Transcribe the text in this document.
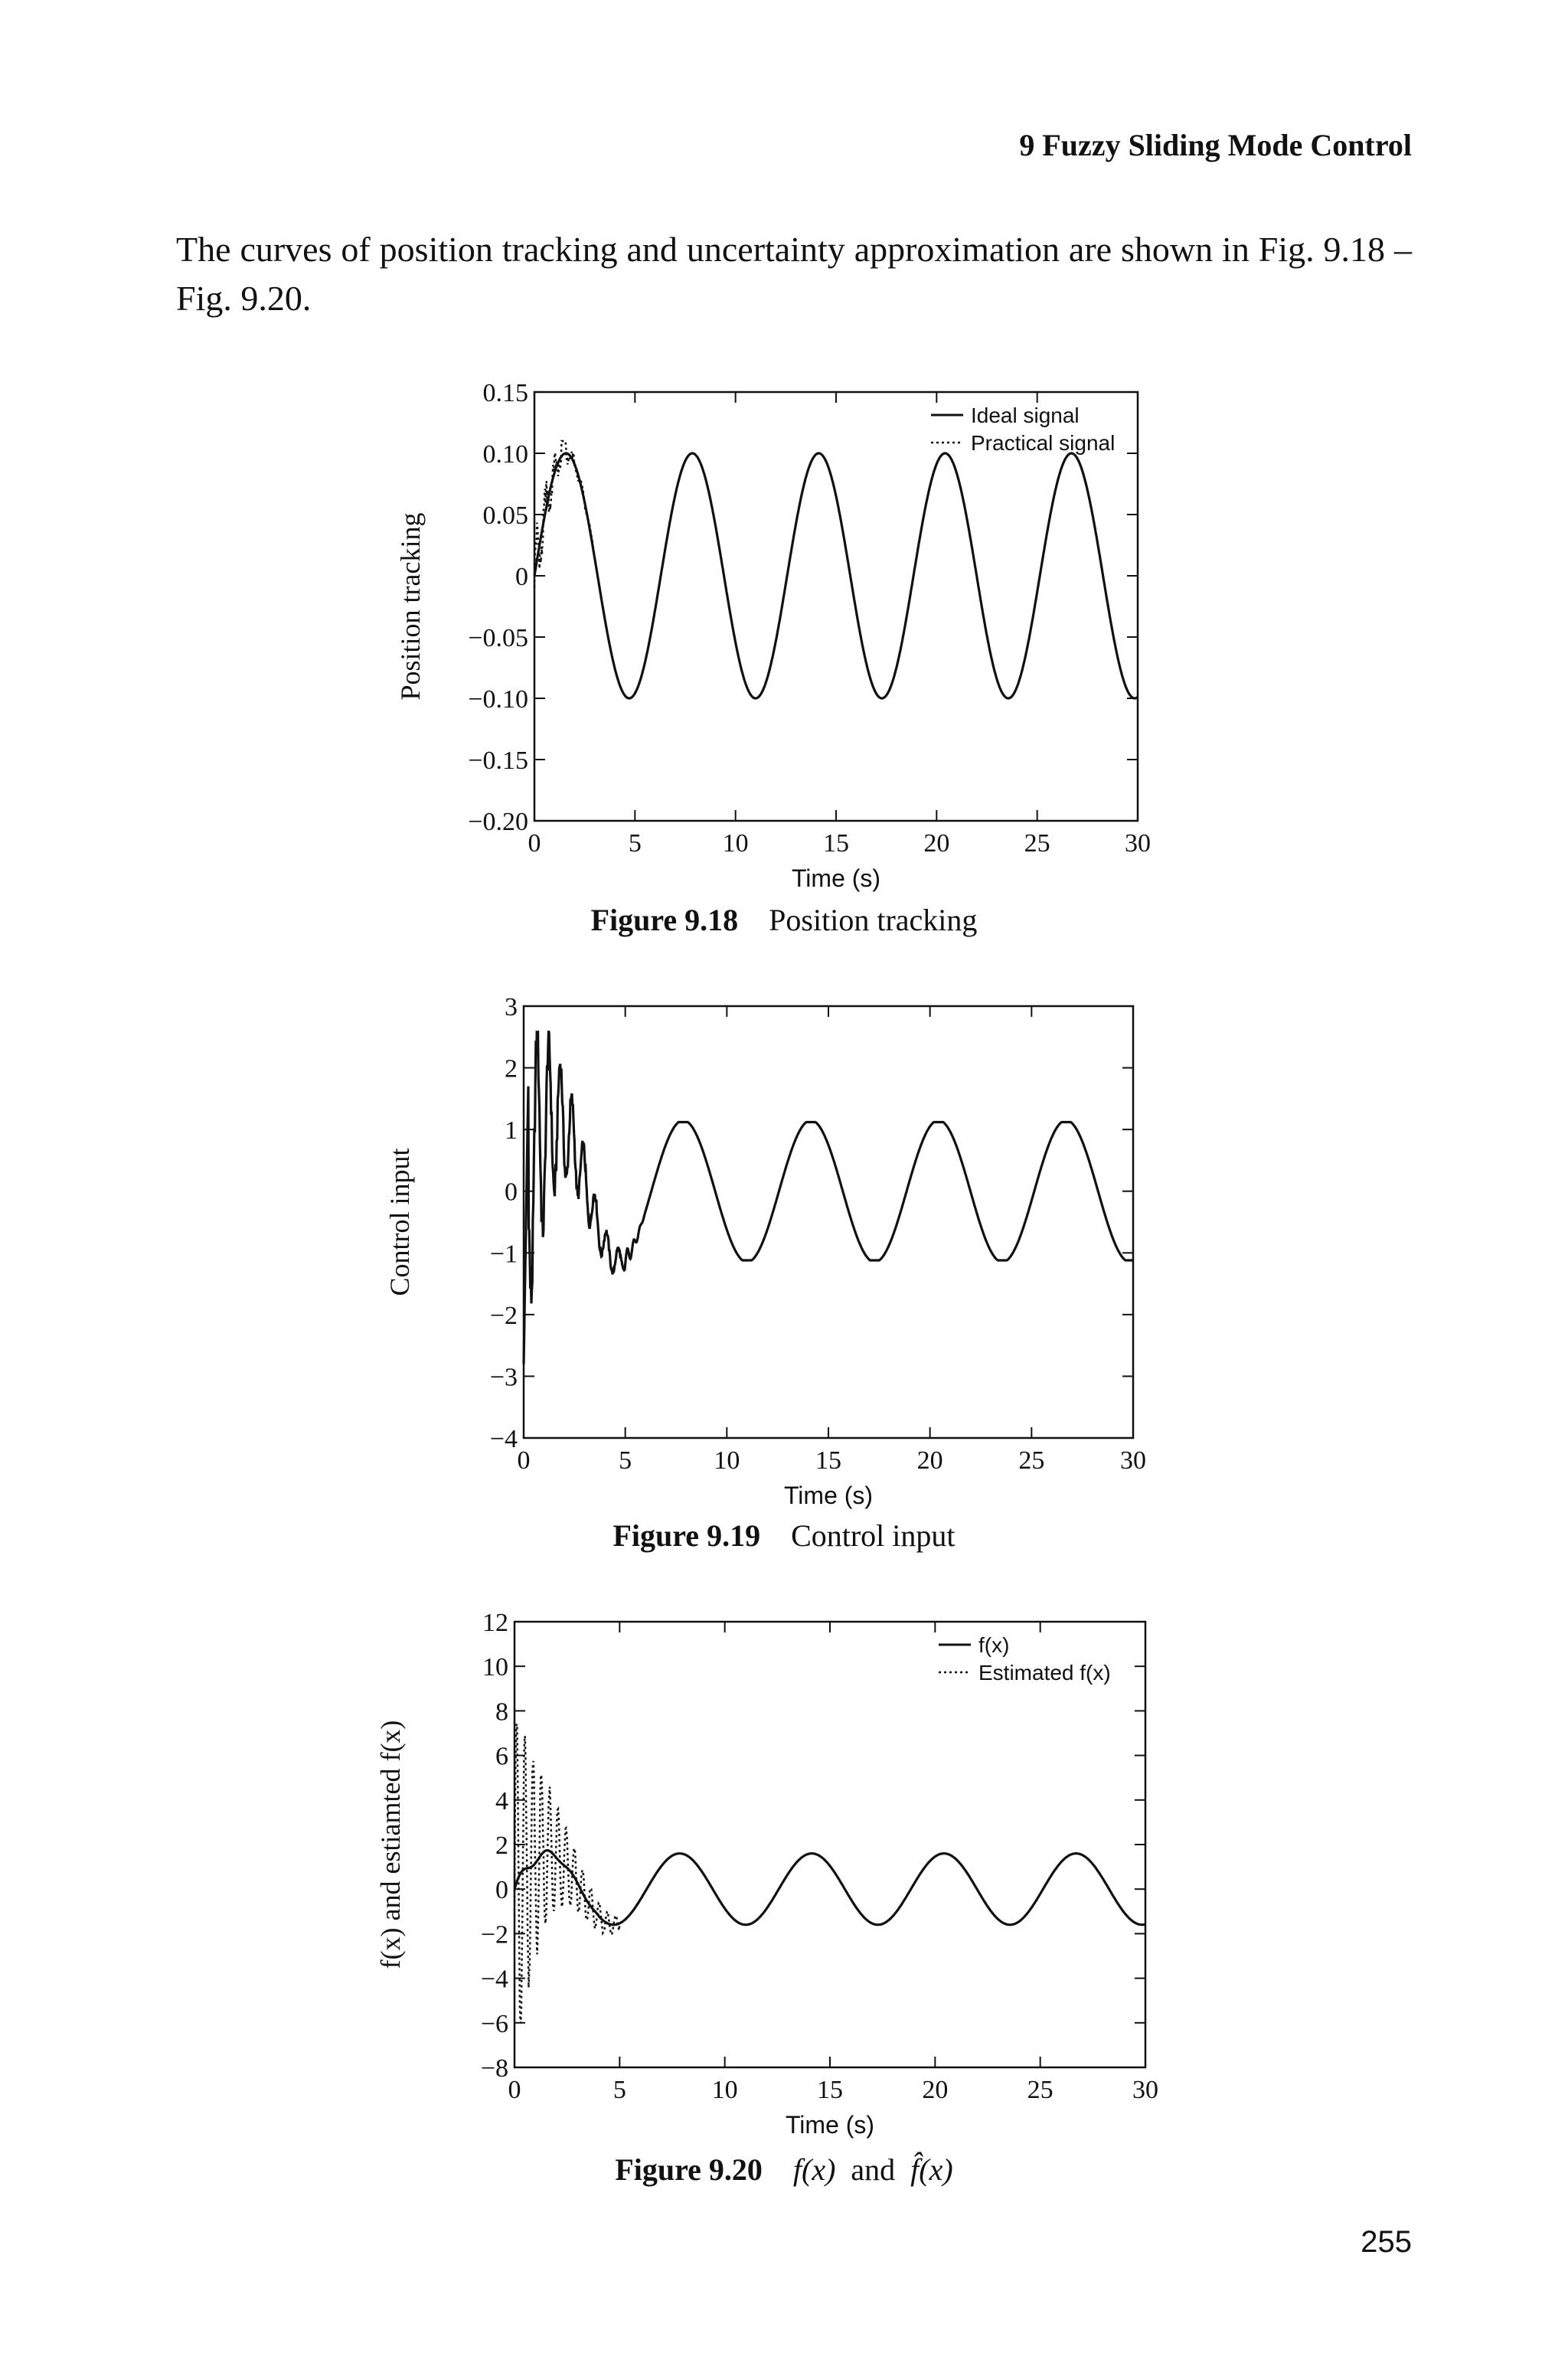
9 Fuzzy Sliding Mode Control
The curves of position tracking and uncertainty approximation are shown in Fig. 9.18 – Fig. 9.20.
0	5	10	15	20	25	30
0.15
0.10
0.05
0
−0.05
−0.10
−0.15
−0.20
Time (s)
Position tracking
Ideal signal
Practical signal
Figure 9.18 Position tracking
0	5	10	15	20	25	30
3
2
1
0
−1
−2
−3
−4
Time (s)
Control input
Figure 9.19 Control input
0	5	10	15	20	25	30
12
10
8
6
4
2
0
−2
−4
−6
−8
Time (s)
f(x) and estiamted f(x)
f(x)
Estimated f(x)
Figure 9.20 f(x) and f̂(x)
255
